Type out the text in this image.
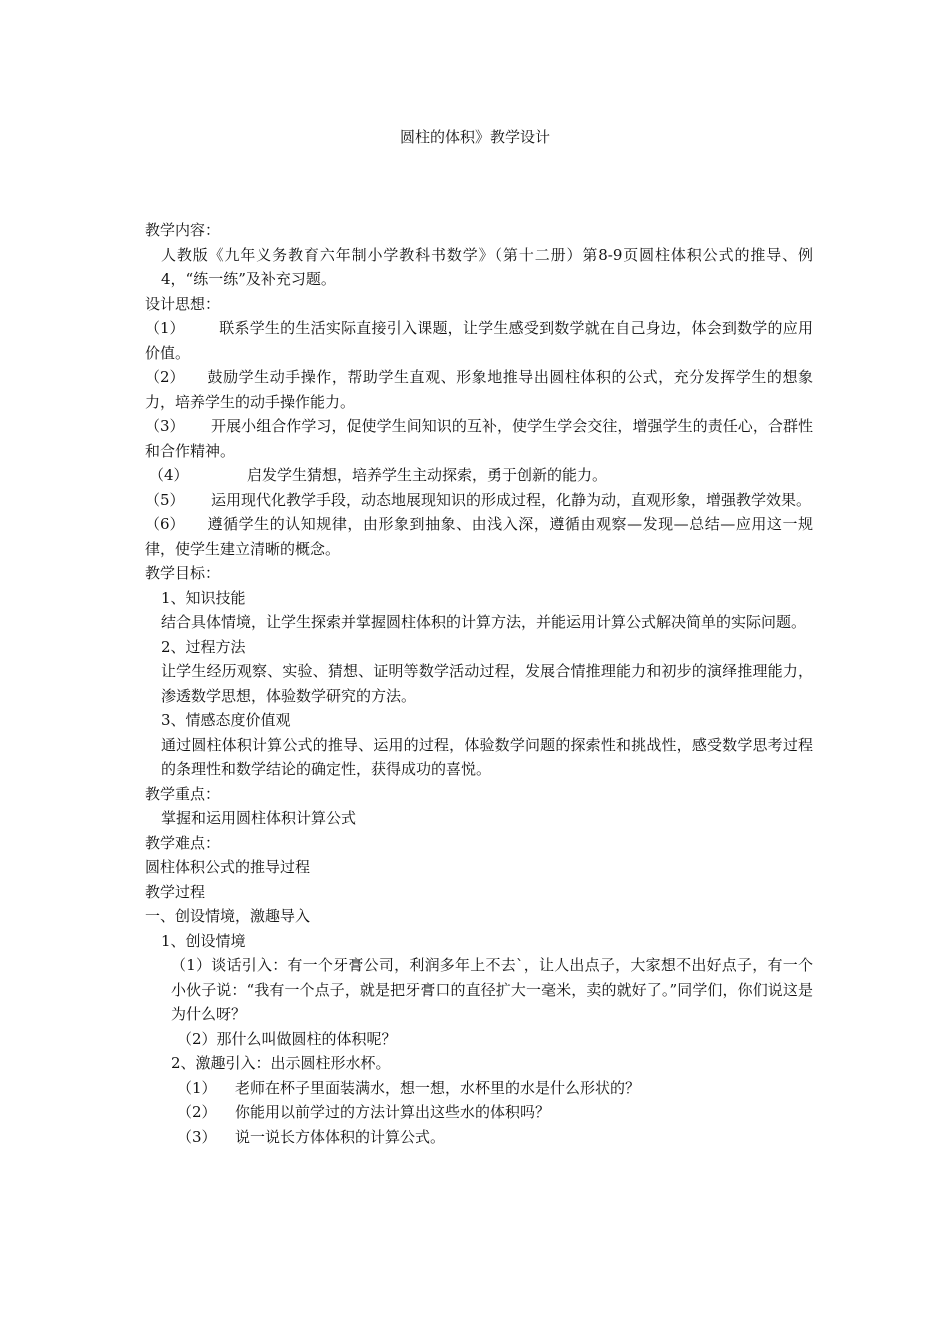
圆柱的体积》教学设计
教学内容：
人教版《九年义务教育六年制小学教科书数学》（第十二册）第8-9页圆柱体积公式的推导、例4，“练一练”及补充习题。
设计思想：
（1） 联系学生的生活实际直接引入课题，让学生感受到数学就在自己身边，体会到数学的应用价值。
（2） 鼓励学生动手操作，帮助学生直观、形象地推导出圆柱体积的公式，充分发挥学生的想象力，培养学生的动手操作能力。
（3） 开展小组合作学习，促使学生间知识的互补，使学生学会交往，增强学生的责任心，合群性和合作精神。
（4）	启发学生猜想，培养学生主动探索，勇于创新的能力。
（5） 运用现代化教学手段，动态地展现知识的形成过程，化静为动，直观形象，增强教学效果。
（6） 遵循学生的认知规律，由形象到抽象、由浅入深，遵循由观察—发现—总结—应用这一规律，使学生建立清晰的概念。
教学目标：
1、知识技能
结合具体情境，让学生探索并掌握圆柱体积的计算方法，并能运用计算公式解决简单的实际问题。
2、过程方法
让学生经历观察、实验、猜想、证明等数学活动过程，发展合情推理能力和初步的演绎推理能力，渗透数学思想，体验数学研究的方法。
3、情感态度价值观
通过圆柱体积计算公式的推导、运用的过程，体验数学问题的探索性和挑战性，感受数学思考过程的条理性和数学结论的确定性，获得成功的喜悦。
教学重点：
掌握和运用圆柱体积计算公式
教学难点：
圆柱体积公式的推导过程
教学过程
一、创设情境，激趣导入
1、创设情境
（1）谈话引入：有一个牙膏公司，利润多年上不去`，让人出点子，大家想不出好点子，有一个小伙子说：“我有一个点子，就是把牙膏口的直径扩大一毫米，卖的就好了。”同学们，你们说这是为什么呀？
（2）那什么叫做圆柱的体积呢？
2、激趣引入：出示圆柱形水杯。
（1） 老师在杯子里面装满水，想一想，水杯里的水是什么形状的？
（2） 你能用以前学过的方法计算出这些水的体积吗？
（3） 说一说长方体体积的计算公式。
